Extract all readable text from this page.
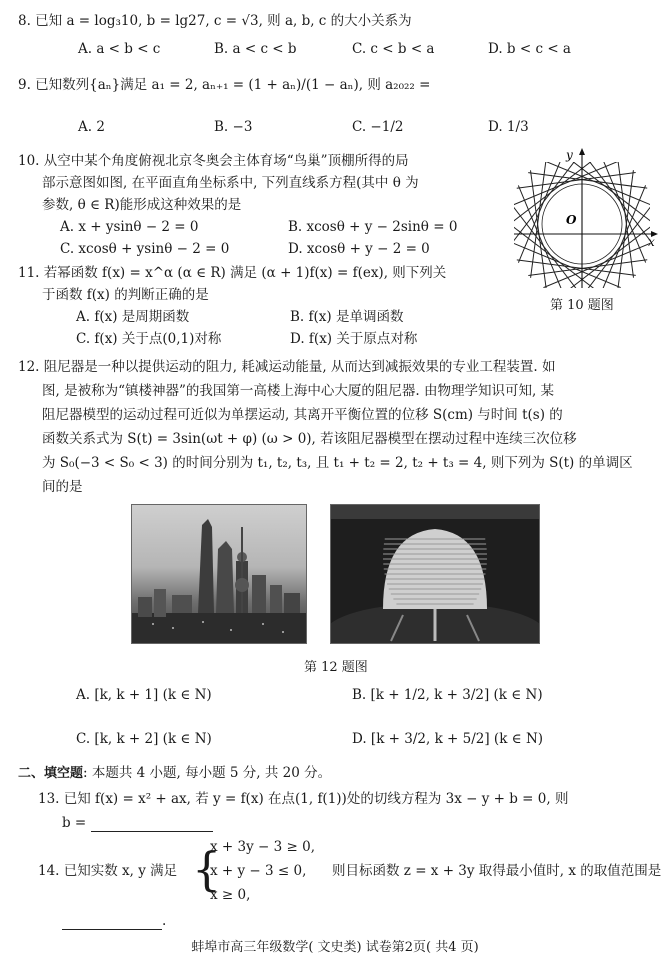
8. 已知 a = log₃10, b = lg27, c = √3, 则 a, b, c 的大小关系为
A. a < b < c	B. a < c < b	C. c < b < a	D. b < c < a
9. 已知数列{aₙ}满足 a₁ = 2, aₙ₊₁ = (1 + aₙ)/(1 − aₙ), 则 a₂₀₂₂ =
A. 2	B. −3	C. −1/2	D. 1/3
10. 从空中某个角度俯视北京冬奥会主体育场“鸟巢”顶棚所得的局
部示意图如图, 在平面直角坐标系中, 下列直线系方程(其中 θ 为
参数, θ ∈ R)能形成这种效果的是
A. x + ysinθ − 2 = 0	B. xcosθ + y − 2sinθ = 0
C. xcosθ + ysinθ − 2 = 0	D. xcosθ + y − 2 = 0
y
x
O
第 10 题图
11. 若幂函数 f(x) = x^α (α ∈ R) 满足 (α + 1)f(x) = f(ex), 则下列关
于函数 f(x) 的判断正确的是
A. f(x) 是周期函数	B. f(x) 是单调函数
C. f(x) 关于点(0,1)对称	D. f(x) 关于原点对称
12. 阻尼器是一种以提供运动的阻力, 耗减运动能量, 从而达到减振效果的专业工程装置. 如
图, 是被称为“镇楼神器”的我国第一高楼上海中心大厦的阻尼器. 由物理学知识可知, 某
阻尼器模型的运动过程可近似为单摆运动, 其离开平衡位置的位移 S(cm) 与时间 t(s) 的
函数关系式为 S(t) = 3sin(ωt + φ) (ω > 0), 若该阻尼器模型在摆动过程中连续三次位移
为 S₀(−3 < S₀ < 3) 的时间分别为 t₁, t₂, t₃, 且 t₁ + t₂ = 2, t₂ + t₃ = 4, 则下列为 S(t) 的单调区
间的是
第 12 题图
A. [k, k + 1] (k ∈ N)	B. [k + 1/2, k + 3/2] (k ∈ N)
C. [k, k + 2] (k ∈ N)	D. [k + 3/2, k + 5/2] (k ∈ N)
二、填空题: 本题共 4 小题, 每小题 5 分, 共 20 分。
13. 已知 f(x) = x² + ax, 若 y = f(x) 在点(1, f(1))处的切线方程为 3x − y + b = 0, 则
b =
14. 已知实数 x, y 满足 {
x + 3y − 3 ≥ 0,
x + y − 3 ≤ 0,
x ≥ 0,
则目标函数 z = x + 3y 取得最小值时, x 的取值范围是
.
蚌埠市高三年级数学( 文史类) 试卷第2页( 共4 页)
